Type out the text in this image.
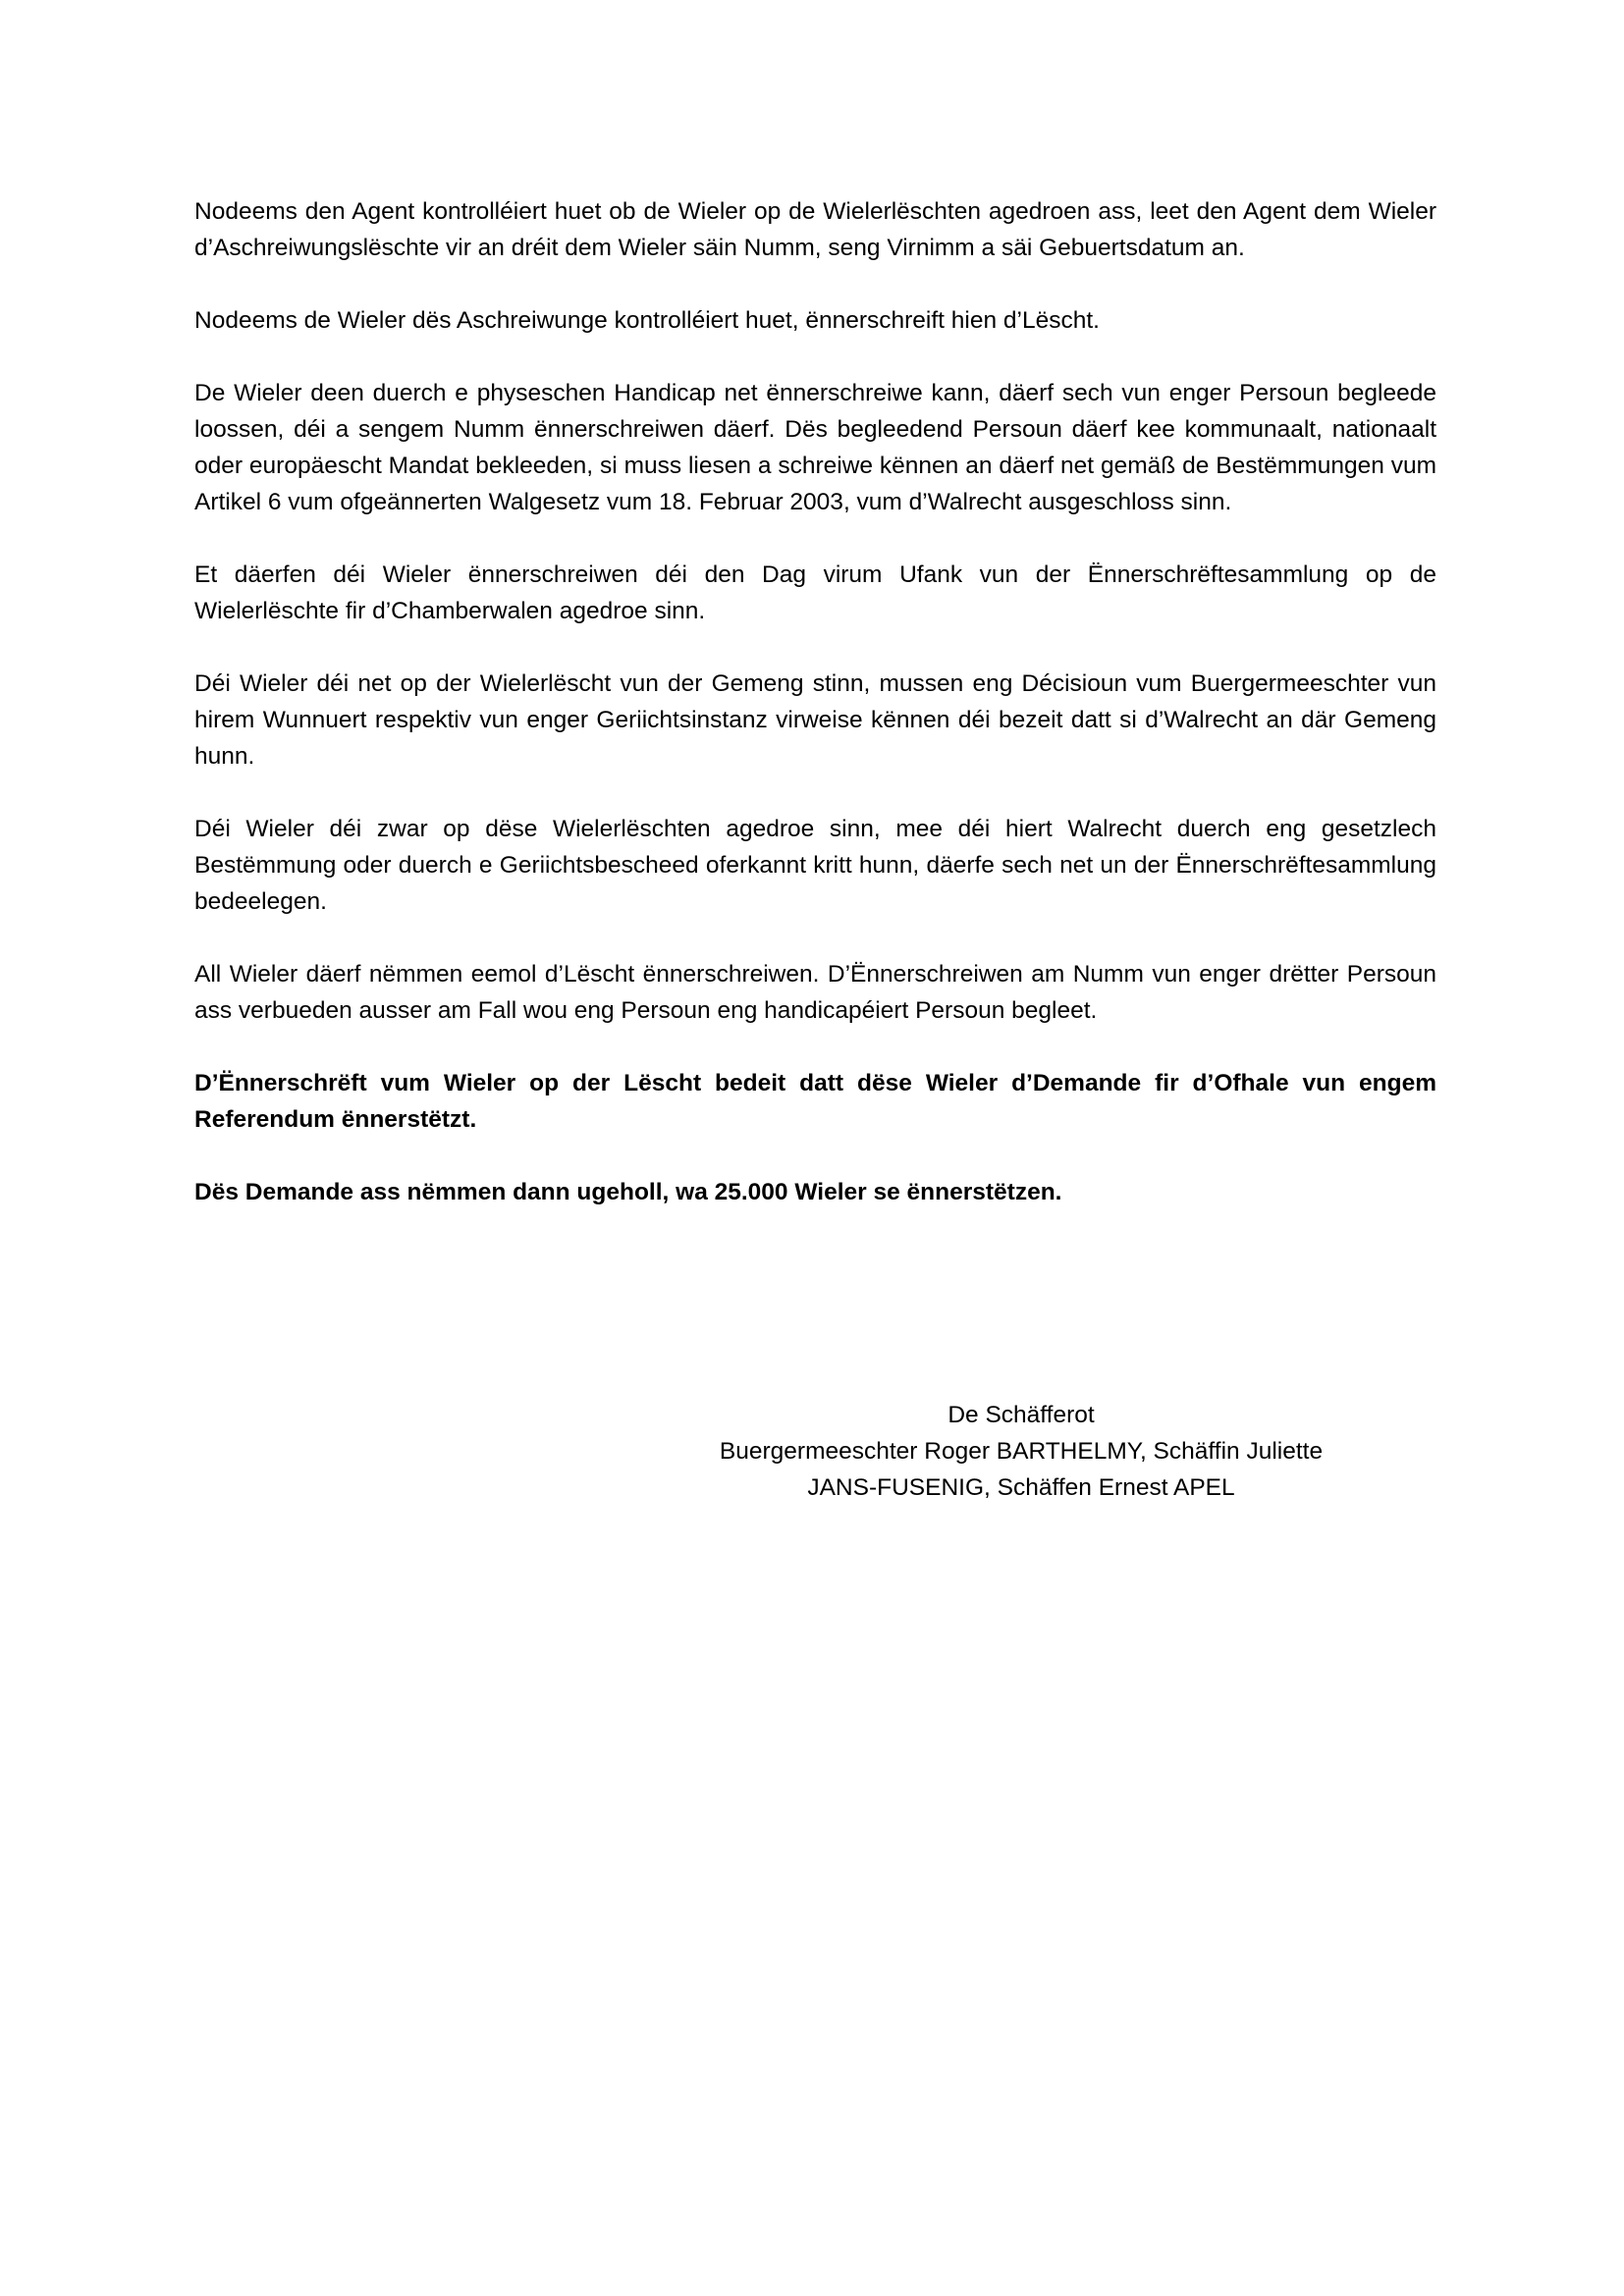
Nodeems den Agent kontrolléiert huet ob de Wieler op de Wielerlëschten agedroen ass, leet den Agent dem Wieler d’Aschreiwungslëschte vir an dréit dem Wieler säin Numm, seng Virnimm a säi Gebuertsdatum an.

Nodeems de Wieler dës Aschreiwunge kontrolléiert huet, ënnerschreift hien d’Lëscht.

De Wieler deen duerch e physeschen Handicap net ënnerschreiwe kann, däerf sech vun enger Persoun begleede loossen, déi a sengem Numm ënnerschreiwen däerf. Dës begleedend Persoun däerf kee kommunaalt, nationaalt oder europäescht Mandat bekleeden, si muss liesen a schreiwe kënnen an däerf net gemäß de Bestëmmungen vum Artikel 6 vum ofgeännerten Walgesetz vum 18. Februar 2003, vum d’Walrecht ausgeschloss sinn.

Et däerfen déi Wieler ënnerschreiwen déi den Dag virum Ufank vun der Ënnerschrëftesammlung op de Wielerlëschte fir d’Chamberwalen agedroe sinn.

Déi Wieler déi net op der Wielerlëscht vun der Gemeng stinn, mussen eng Décisioun vum Buergermeeschter vun hirem Wunnuert respektiv vun enger Geriichtsinstanz virweise kënnen déi bezeit datt si d’Walrecht an där Gemeng hunn.

Déi Wieler déi zwar op dëse Wielerlëschten agedroe sinn, mee déi hiert Walrecht duerch eng gesetzlech Bestëmmung oder duerch e Geriichtsbescheed oferkannt kritt hunn, däerfe sech net un der Ënnerschrëftesammlung bedeelegen.

All Wieler däerf nëmmen eemol d’Lëscht ënnerschreiwen. D’Ënnerschreiwen am Numm vun enger drëtter Persoun ass verbueden ausser am Fall wou eng Persoun eng handicapéiert Persoun begleet.

D’Ënnerschrëft vum Wieler op der Lëscht bedeit datt dëse Wieler d’Demande fir d’Ofhale vun engem Referendum ënnerstëtzt.

Dës Demande ass nëmmen dann ugeholl, wa 25.000 Wieler se ënnerstëtzen.

De Schäfferot
Buergermeeschter Roger BARTHELMY, Schäffin Juliette
JANS-FUSENIG, Schäffen Ernest APEL
